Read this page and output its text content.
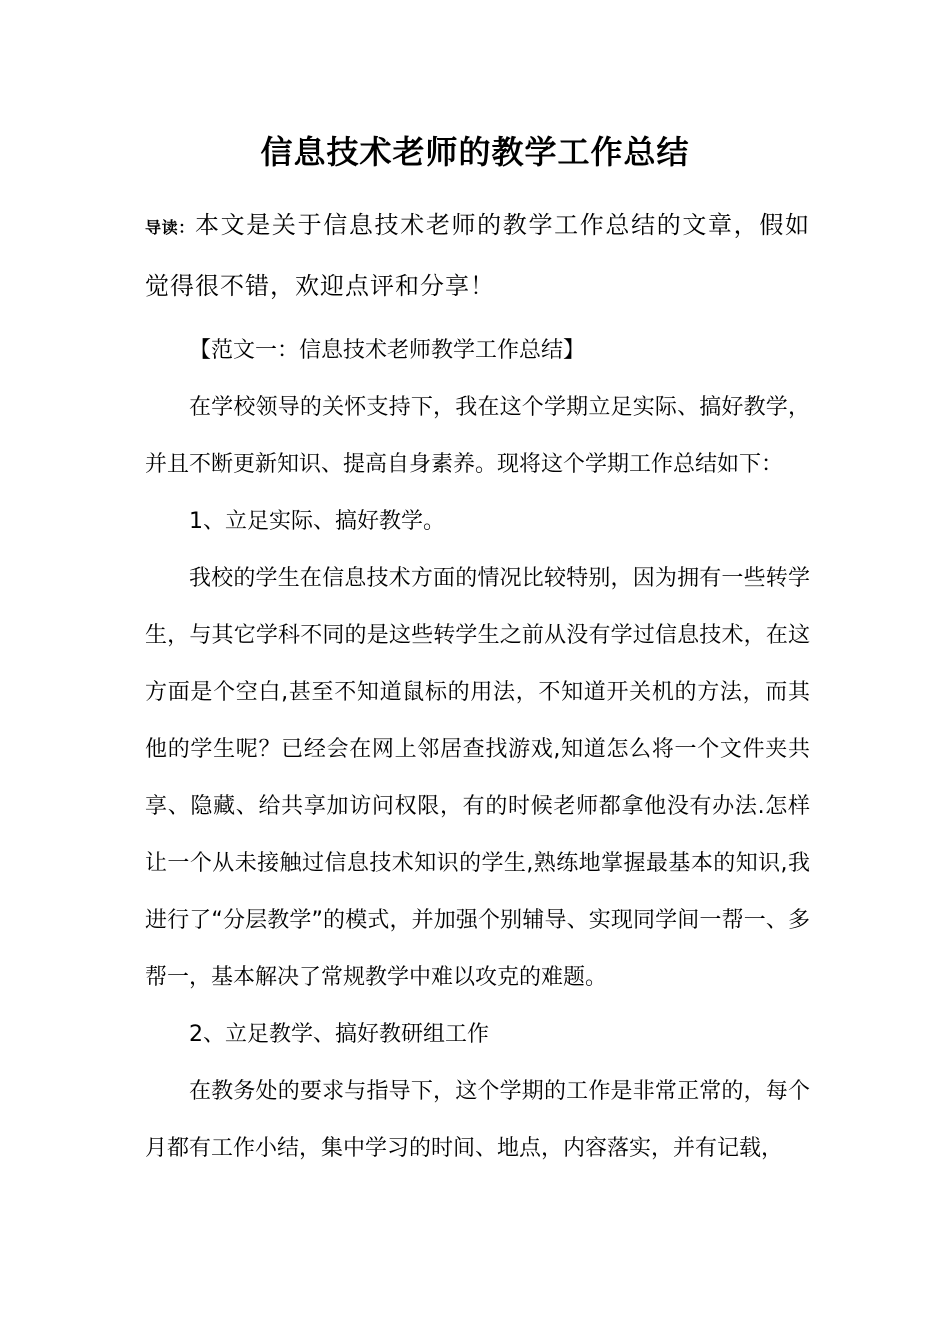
信息技术老师的教学工作总结

导读：本文是关于信息技术老师的教学工作总结的文章，假如觉得很不错，欢迎点评和分享！

【范文一：信息技术老师教学工作总结】

在学校领导的关怀支持下，我在这个学期立足实际、搞好教学，并且不断更新知识、提高自身素养。现将这个学期工作总结如下：

1、立足实际、搞好教学。

我校的学生在信息技术方面的情况比较特别，因为拥有一些转学生，与其它学科不同的是这些转学生之前从没有学过信息技术，在这方面是个空白,甚至不知道鼠标的用法，不知道开关机的方法，而其他的学生呢？已经会在网上邻居查找游戏,知道怎么将一个文件夹共享、隐藏、给共享加访问权限，有的时候老师都拿他没有办法.怎样让一个从未接触过信息技术知识的学生,熟练地掌握最基本的知识,我进行了“分层教学”的模式，并加强个别辅导、实现同学间一帮一、多帮一，基本解决了常规教学中难以攻克的难题。

2、立足教学、搞好教研组工作

在教务处的要求与指导下，这个学期的工作是非常正常的，每个月都有工作小结，集中学习的时间、地点，内容落实，并有记载，
